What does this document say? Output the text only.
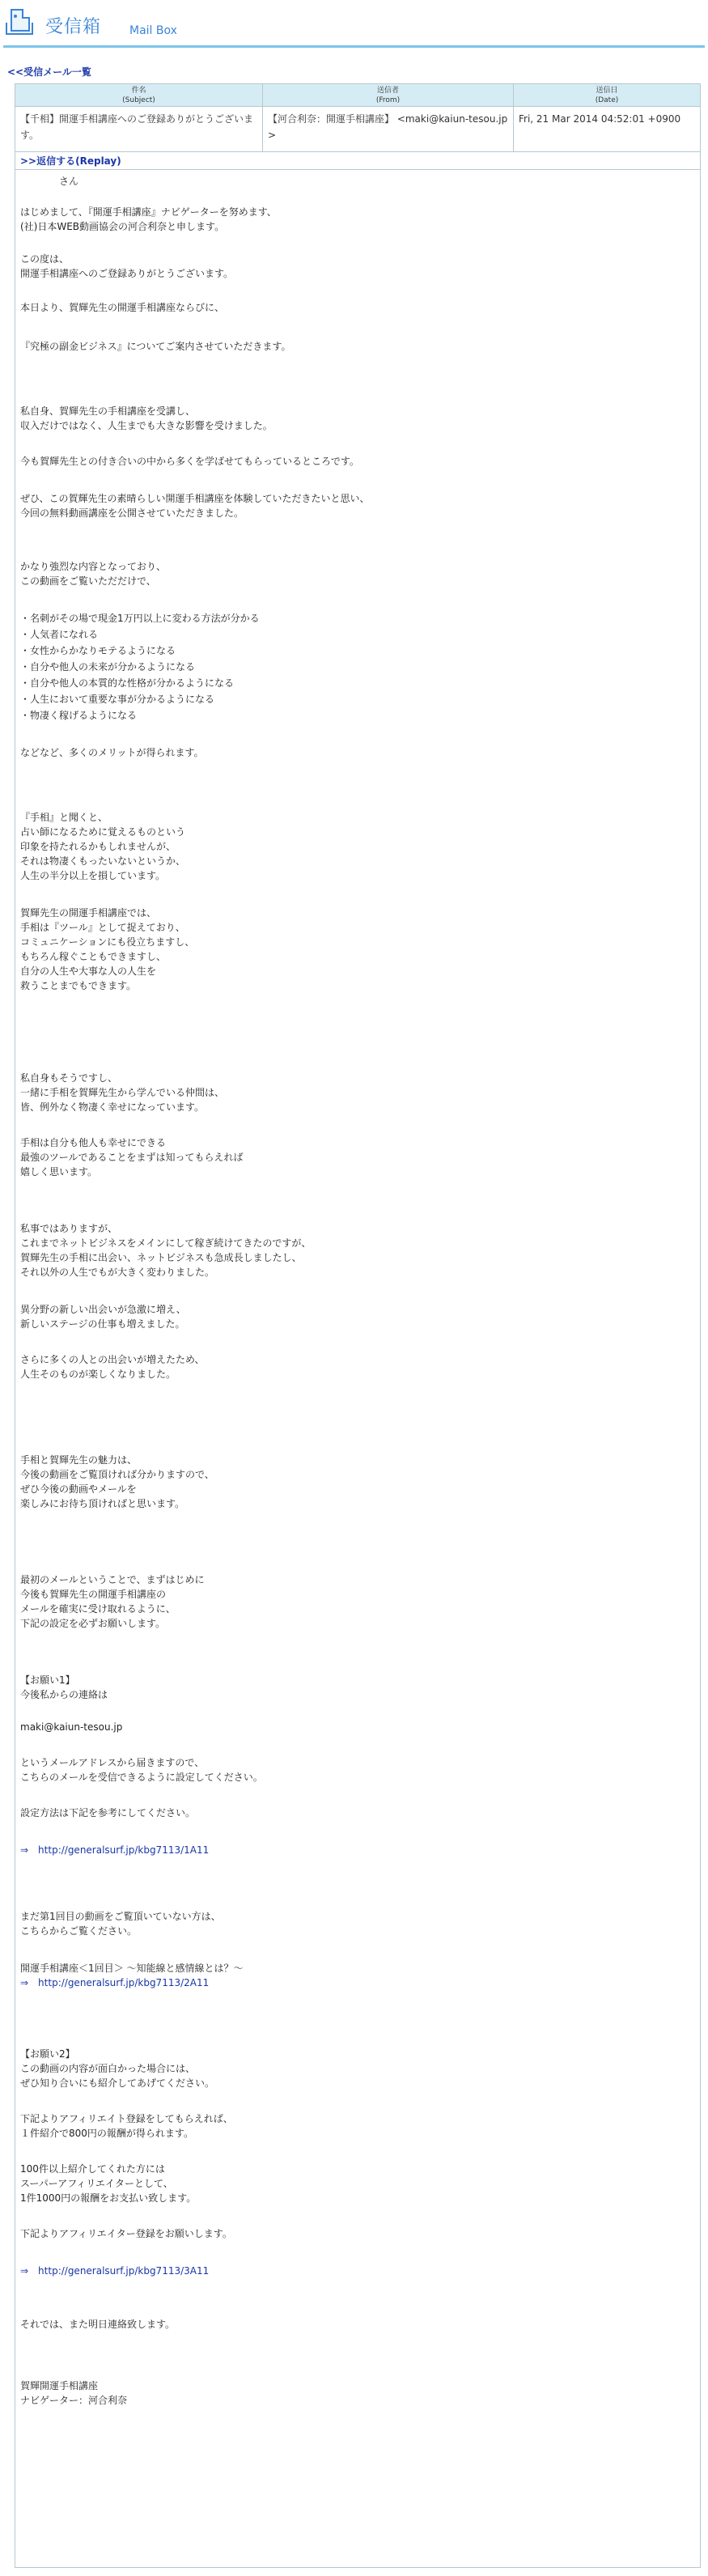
受信箱 Mail Box
<<受信メール一覧
件名
(Subject)
送信者
(From)
送信日
(Date)
【千相】開運手相講座へのご登録ありがとうございます。
【河合利奈：開運手相講座】 <maki@kaiun-tesou.jp>
Fri, 21 Mar 2014 04:52:01 +0900
>>返信する(Replay)
　　　　さん
はじめまして、『開運手相講座』ナビゲーターを努めます、
(社)日本WEB動画協会の河合利奈と申します。
この度は、
開運手相講座へのご登録ありがとうございます。
本日より、賀輝先生の開運手相講座ならびに、
『究極の副金ビジネス』についてご案内させていただきます。
私自身、賀輝先生の手相講座を受講し、
収入だけではなく、人生までも大きな影響を受けました。
今も賀輝先生との付き合いの中から多くを学ばせてもらっているところです。
ぜひ、この賀輝先生の素晴らしい開運手相講座を体験していただきたいと思い、
今回の無料動画講座を公開させていただきました。
かなり強烈な内容となっており、
この動画をご覧いただだけで、
・名刺がその場で現金1万円以上に変わる方法が分かる
・人気者になれる
・女性からかなりモテるようになる
・自分や他人の未来が分かるようになる
・自分や他人の本質的な性格が分かるようになる
・人生において重要な事が分かるようになる
・物凄く稼げるようになる
などなど、多くのメリットが得られます。
『手相』と聞くと、
占い師になるために覚えるものという
印象を持たれるかもしれませんが、
それは物凄くもったいないというか、
人生の半分以上を損しています。
賀輝先生の開運手相講座では、
手相は『ツール』として捉えており、
コミュニケーションにも役立ちますし、
もちろん稼ぐこともできますし、
自分の人生や大事な人の人生を
救うことまでもできます。
私自身もそうですし、
一緒に手相を賀輝先生から学んでいる仲間は、
皆、例外なく物凄く幸せになっています。
手相は自分も他人も幸せにできる
最強のツールであることをまずは知ってもらえれば
嬉しく思います。
私事ではありますが、
これまでネットビジネスをメインにして稼ぎ続けてきたのですが、
賀輝先生の手相に出会い、ネットビジネスも急成長しましたし、
それ以外の人生でもが大きく変わりました。
異分野の新しい出会いが急激に増え、
新しいステージの仕事も増えました。
さらに多くの人との出会いが増えたため、
人生そのものが楽しくなりました。
手相と賀輝先生の魅力は、
今後の動画をご覧頂ければ分かりますので、
ぜひ今後の動画やメールを
楽しみにお待ち頂ければと思います。
最初のメールということで、まずはじめに
今後も賀輝先生の開運手相講座の
メールを確実に受け取れるように、
下記の設定を必ずお願いします。
【お願い1】
今後私からの連絡は
maki@kaiun-tesou.jp
というメールアドレスから届きますので、
こちらのメールを受信できるように設定してください。
設定方法は下記を参考にしてください。
⇒　http://generalsurf.jp/kbg7113/1A11
まだ第1回目の動画をご覧頂いていない方は、
こちらからご覧ください。
開運手相講座＜1回目＞ ～知能線と感情線とは？～
⇒　http://generalsurf.jp/kbg7113/2A11
【お願い2】
この動画の内容が面白かった場合には、
ぜひ知り合いにも紹介してあげてください。
下記よりアフィリエイト登録をしてもらえれば、
１件紹介で800円の報酬が得られます。
100件以上紹介してくれた方には
スーパーアフィリエイターとして、
1件1000円の報酬をお支払い致します。
下記よりアフィリエイター登録をお願いします。
⇒　http://generalsurf.jp/kbg7113/3A11
それでは、また明日連絡致します。
賀輝開運手相講座
ナビゲーター：河合利奈
